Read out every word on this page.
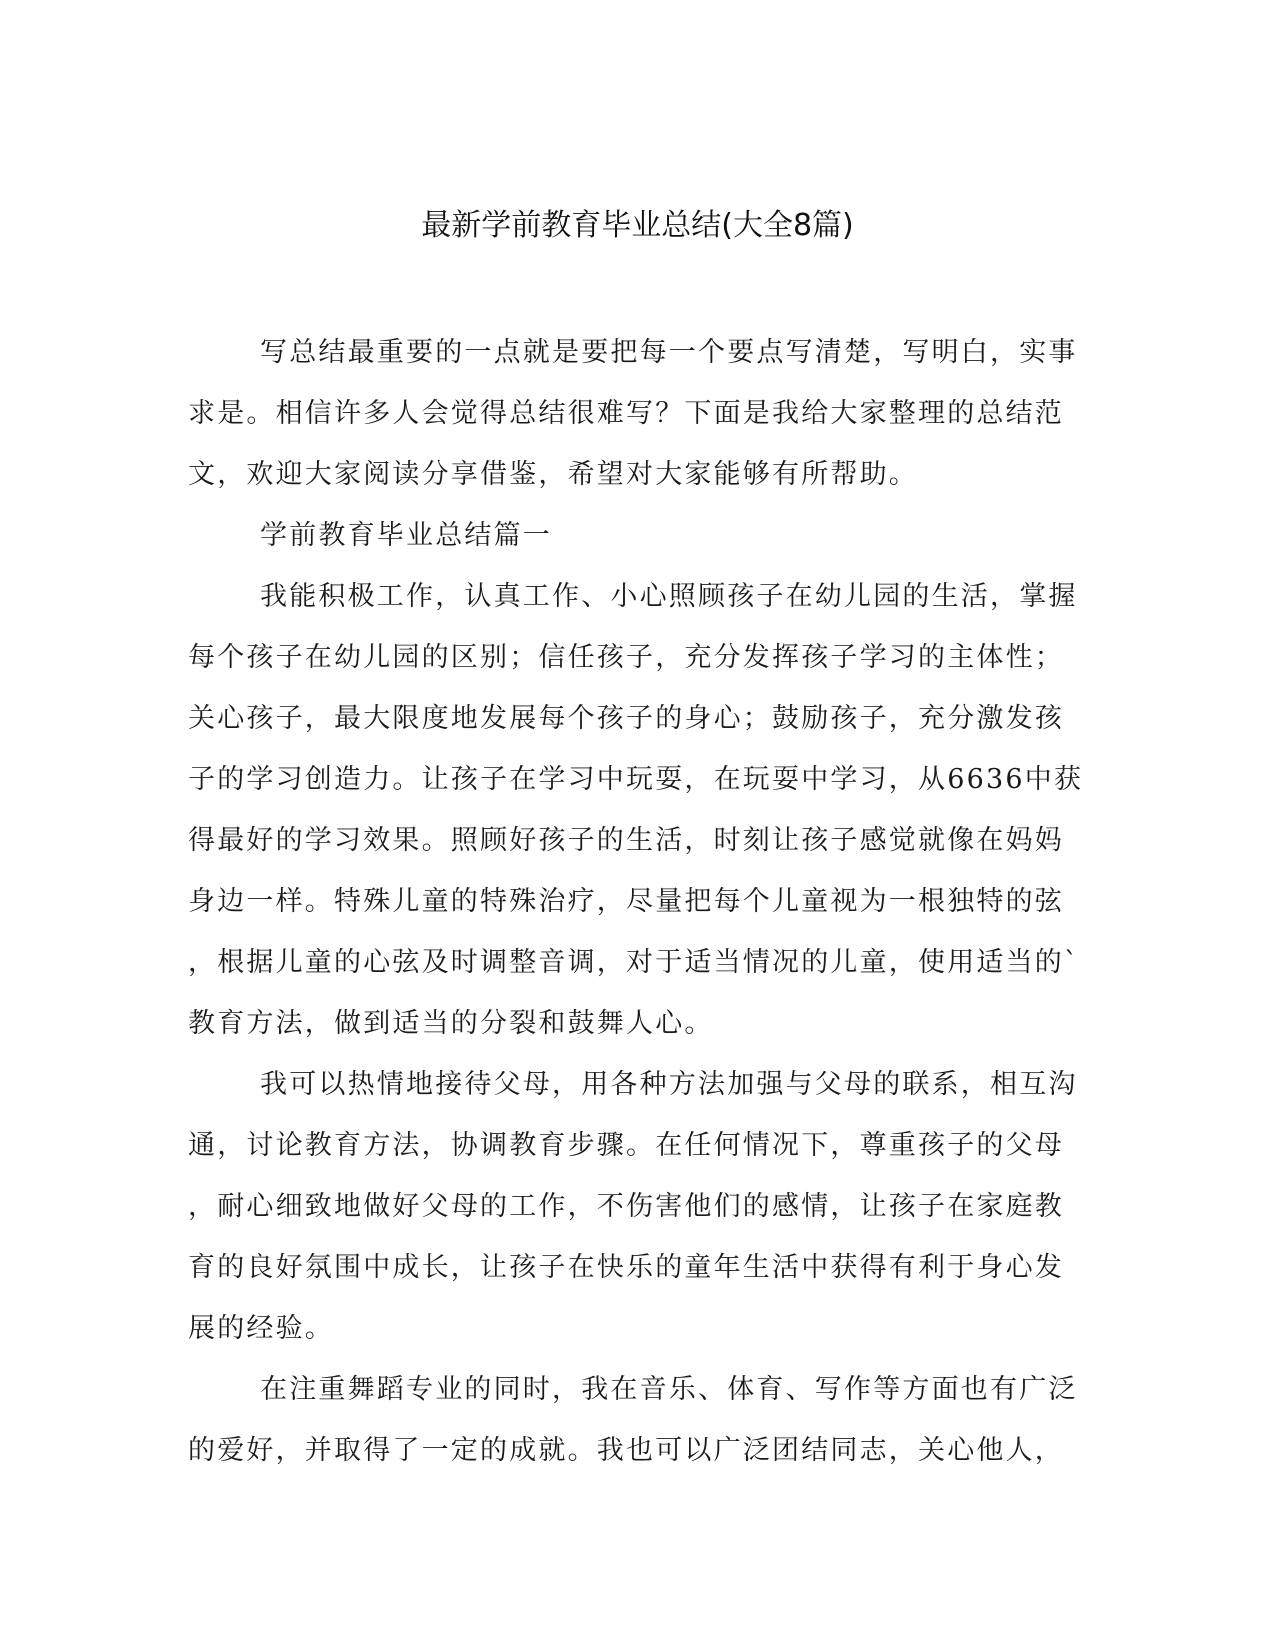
最新学前教育毕业总结(大全8篇)
写总结最重要的一点就是要把每一个要点写清楚，写明白，实事
求是。相信许多人会觉得总结很难写？下面是我给大家整理的总结范
文，欢迎大家阅读分享借鉴，希望对大家能够有所帮助。
学前教育毕业总结篇一
我能积极工作，认真工作、小心照顾孩子在幼儿园的生活，掌握
每个孩子在幼儿园的区别；信任孩子，充分发挥孩子学习的主体性；
关心孩子，最大限度地发展每个孩子的身心；鼓励孩子，充分激发孩
子的学习创造力。让孩子在学习中玩耍，在玩耍中学习，从6636中获
得最好的学习效果。照顾好孩子的生活，时刻让孩子感觉就像在妈妈
身边一样。特殊儿童的特殊治疗，尽量把每个儿童视为一根独特的弦
，根据儿童的心弦及时调整音调，对于适当情况的儿童，使用适当的`
教育方法，做到适当的分裂和鼓舞人心。
我可以热情地接待父母，用各种方法加强与父母的联系，相互沟
通，讨论教育方法，协调教育步骤。在任何情况下，尊重孩子的父母
，耐心细致地做好父母的工作，不伤害他们的感情，让孩子在家庭教
育的良好氛围中成长，让孩子在快乐的童年生活中获得有利于身心发
展的经验。
在注重舞蹈专业的同时，我在音乐、体育、写作等方面也有广泛
的爱好，并取得了一定的成就。我也可以广泛团结同志，关心他人，
